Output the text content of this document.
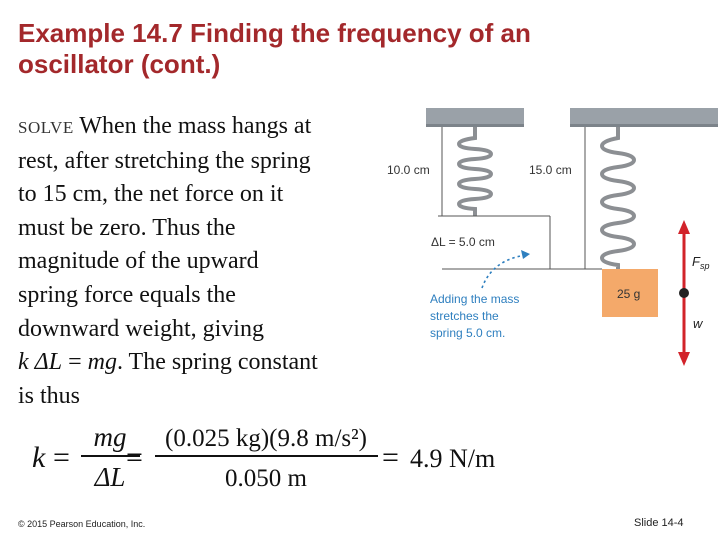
Example 14.7 Finding the frequency of an
oscillator (cont.)
SOLVE When the mass hangs at
rest, after stretching the spring
to 15 cm, the net force on it
must be zero. Thus the
magnitude of the upward
spring force equals the
downward weight, giving
k ΔL = mg. The spring constant
is thus
k =
mg
ΔL
=
(0.025 kg)(9.8 m/s²)
0.050 m
= 4.9 N/m
25 g
10.0 cm	15.0 cm
ΔL = 5.0 cm
Adding the mass
stretches the
spring 5.0 cm.
$F_{sp}$
w
© 2015 Pearson Education, Inc.	Slide 14-4
